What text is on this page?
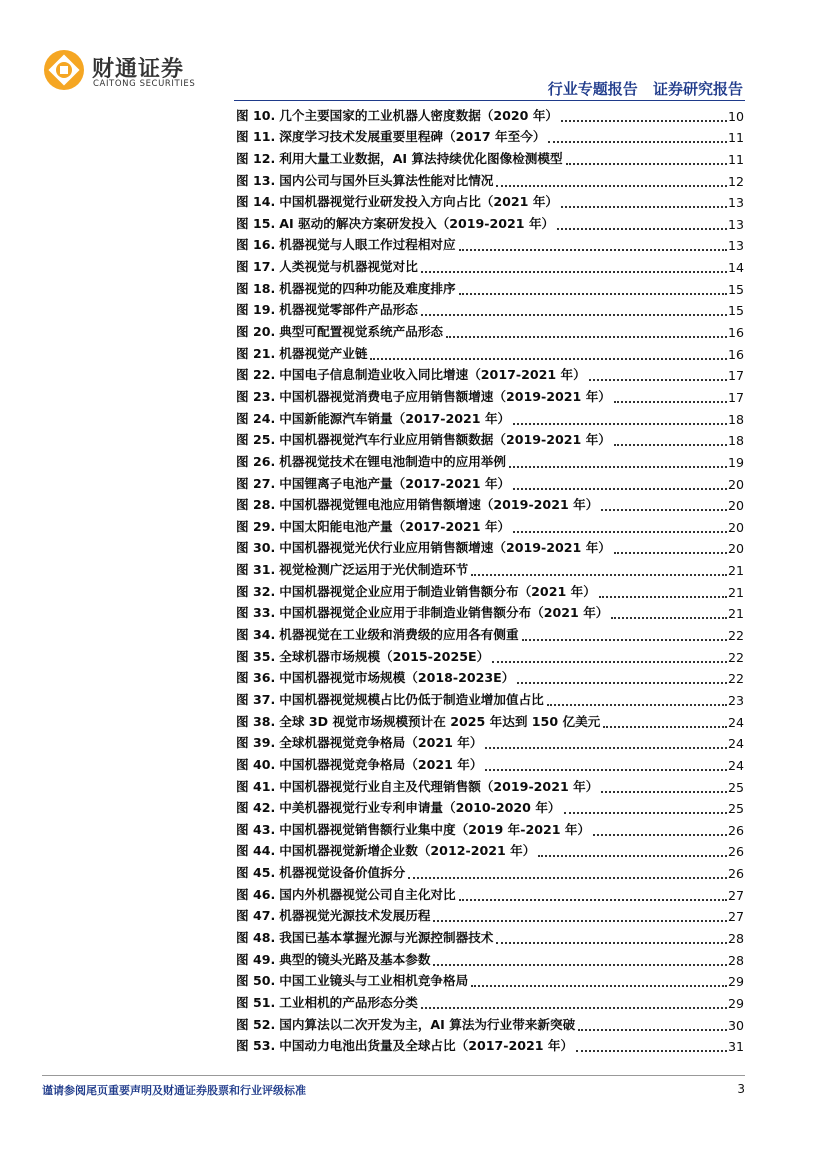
财通证券
CAITONG SECURITIES	行业专题报告 证券研究报告
图 10. 几个主要国家的工业机器人密度数据（2020 年）	10
图 11. 深度学习技术发展重要里程碑（2017 年至今）	11
图 12. 利用大量工业数据，AI 算法持续优化图像检测模型	11
图 13. 国内公司与国外巨头算法性能对比情况	12
图 14. 中国机器视觉行业研发投入方向占比（2021 年）	13
图 15. AI 驱动的解决方案研发投入（2019-2021 年）	13
图 16. 机器视觉与人眼工作过程相对应	13
图 17. 人类视觉与机器视觉对比	14
图 18. 机器视觉的四种功能及难度排序	15
图 19. 机器视觉零部件产品形态	15
图 20. 典型可配置视觉系统产品形态	16
图 21. 机器视觉产业链	16
图 22. 中国电子信息制造业收入同比增速（2017-2021 年）	17
图 23. 中国机器视觉消费电子应用销售额增速（2019-2021 年）	17
图 24. 中国新能源汽车销量（2017-2021 年）	18
图 25. 中国机器视觉汽车行业应用销售额数据（2019-2021 年）	18
图 26. 机器视觉技术在锂电池制造中的应用举例	19
图 27. 中国锂离子电池产量（2017-2021 年）	20
图 28. 中国机器视觉锂电池应用销售额增速（2019-2021 年）	20
图 29. 中国太阳能电池产量（2017-2021 年）	20
图 30. 中国机器视觉光伏行业应用销售额增速（2019-2021 年）	20
图 31. 视觉检测广泛运用于光伏制造环节	21
图 32. 中国机器视觉企业应用于制造业销售额分布（2021 年）	21
图 33. 中国机器视觉企业应用于非制造业销售额分布（2021 年）	21
图 34. 机器视觉在工业级和消费级的应用各有侧重	22
图 35. 全球机器市场规模（2015-2025E）	22
图 36. 中国机器视觉市场规模（2018-2023E）	22
图 37. 中国机器视觉规模占比仍低于制造业增加值占比	23
图 38. 全球 3D 视觉市场规模预计在 2025 年达到 150 亿美元	24
图 39. 全球机器视觉竞争格局（2021 年）	24
图 40. 中国机器视觉竞争格局（2021 年）	24
图 41. 中国机器视觉行业自主及代理销售额（2019-2021 年）	25
图 42. 中美机器视觉行业专利申请量（2010-2020 年）	25
图 43. 中国机器视觉销售额行业集中度（2019 年-2021 年）	26
图 44. 中国机器视觉新增企业数（2012-2021 年）	26
图 45. 机器视觉设备价值拆分	26
图 46. 国内外机器视觉公司自主化对比	27
图 47. 机器视觉光源技术发展历程	27
图 48. 我国已基本掌握光源与光源控制器技术	28
图 49. 典型的镜头光路及基本参数	28
图 50. 中国工业镜头与工业相机竞争格局	29
图 51. 工业相机的产品形态分类	29
图 52. 国内算法以二次开发为主，AI 算法为行业带来新突破	30
图 53. 中国动力电池出货量及全球占比（2017-2021 年）	31
谨请参阅尾页重要声明及财通证券股票和行业评级标准	3
